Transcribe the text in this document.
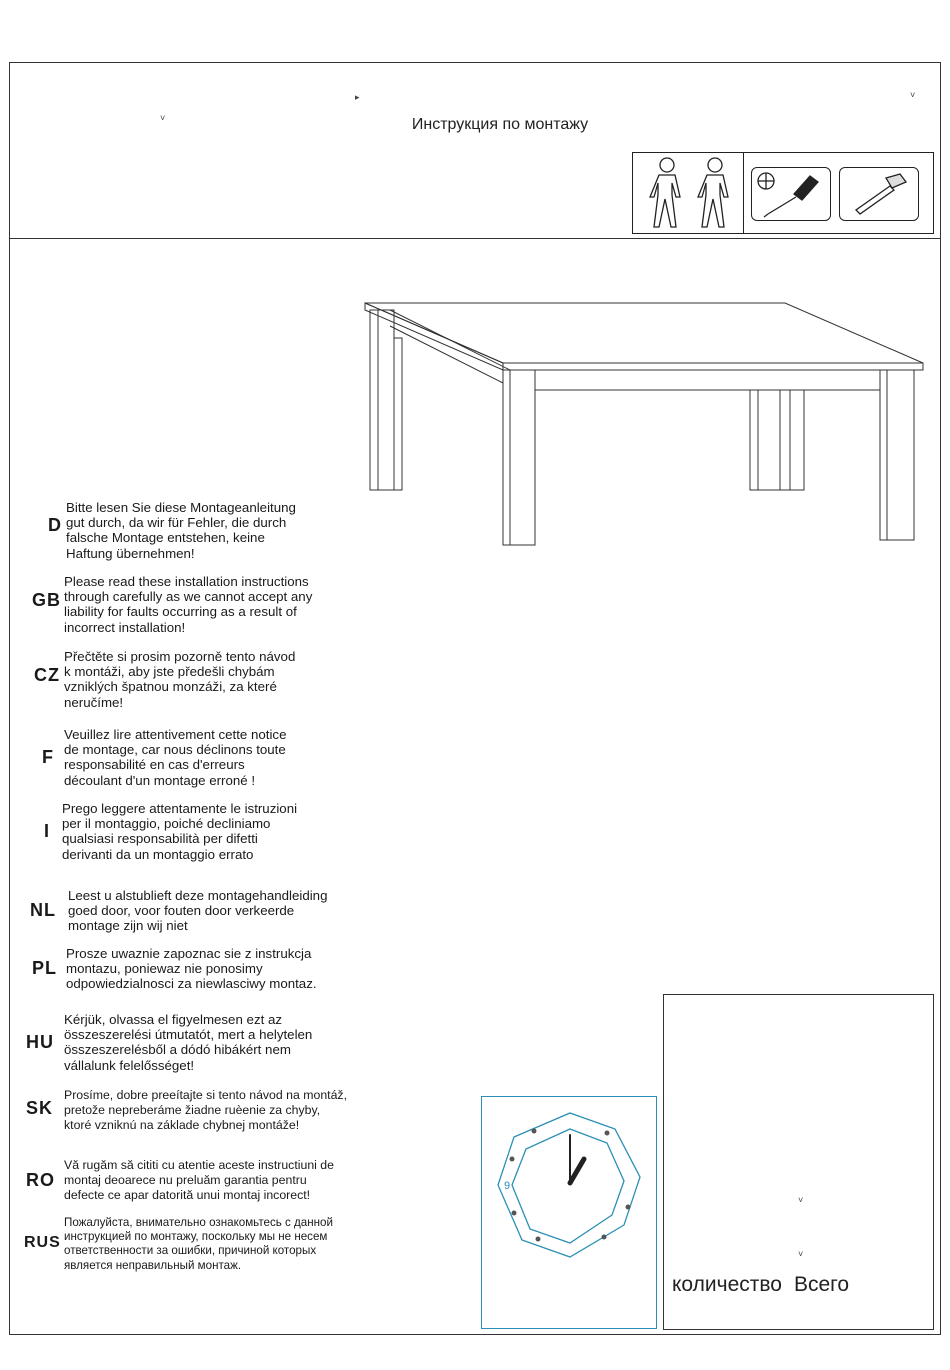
▸
˅
˅
Инструкция по монтажу
D
Bitte lesen Sie diese Montageanleitung
gut durch, da wir für Fehler, die durch
falsche Montage entstehen, keine
Haftung übernehmen!
GB
Please read these installation instructions
through carefully as we cannot accept any
liability for faults occurring as a result of
incorrect installation!
CZ
Přečtěte si prosim pozorně tento návod
k montáži, aby jste předešli chybám
vzniklých špatnou monzáži, za které
neručíme!
F
Veuillez lire attentivement cette notice
de montage, car nous déclinons toute
responsabilité en cas d'erreurs
découlant d'un montage erroné !
I
Prego leggere attentamente le istruzioni
per il montaggio, poiché decliniamo
qualsiasi responsabilità per difetti
derivanti da un montaggio errato
NL
Leest u alstublieft deze montagehandleiding
goed door, voor fouten door verkeerde
montage zijn wij niet
PL
Prosze uwaznie zapoznac sie z instrukcja
montazu, poniewaz nie ponosimy
odpowiedzialnosci za niewlasciwy montaz.
HU
Kérjük, olvassa el figyelmesen ezt az
összeszerelési útmutatót, mert a helytelen
összeszerelésből a dódó hibákért nem
vállalunk felelősséget!
SK
Prosíme, dobre preeítajte si tento návod na montáž,
pretože nepreberáme žiadne ruèenie za chyby,
ktoré vzniknú na základe chybnej montáže!
RO
Vă rugăm să cititi cu atentie aceste instructiuni de
montaj deoarece nu preluăm garantia pentru
defecte ce apar datorită unui montaj incorect!
RUS
Пожалуйста, внимательно ознакомьтесь с данной
инструкцией по монтажу, поскольку мы не несем
ответственности за ошибки, причиной которых
является неправильный монтаж.
9
˅
˅
количество Всего
